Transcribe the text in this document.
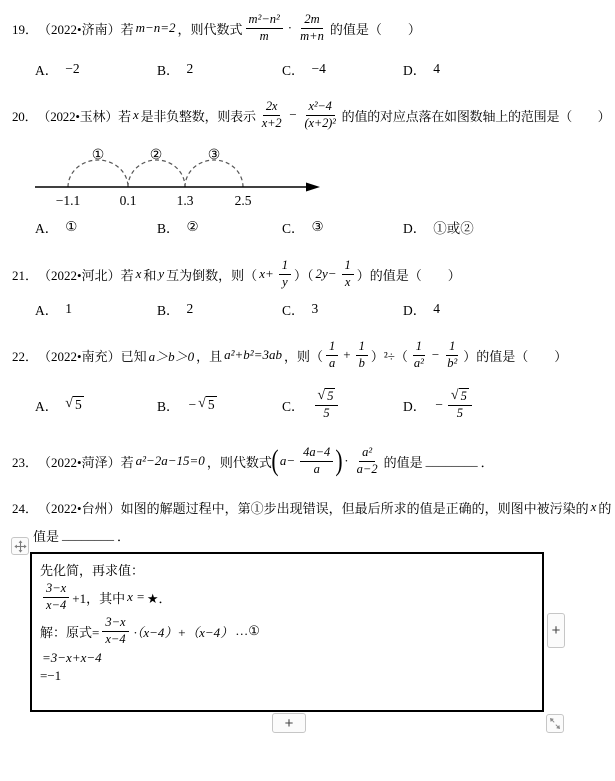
19． （2022•济南） 若 m−n=2 ，则代数式 $\frac{\text{m²−n²}}{m} \cdot \frac{2m}{m+n}$ 的值是（　　）
A． −2	B． 2	C． −4	D． 4
20． （2022•玉林） 若 x 是非负整数，则表示 $\frac{2x}{x+2} - \frac{\text{x²−4}}{\text{(x+2)²}}$ 的值的对应点落在如图数轴上的范围是（　　）
①	②	③
−1.1	0.1	1.3	2.5
A． ①	B． ②	C． ③	D． ①或②
21． （2022•河北） 若 x 和 y 互为倒数，则（ $x+ \frac{1}{y}$ ）（ $2y- \frac{1}{x}$ ）的值是（　　）
A． 1	B． 2	C． 3	D． 4
22． （2022•南充） 已知 a＞b＞0 ，且 a²+b²=3ab ，则（ $\frac{1}{a} + \frac{1}{b} )^2\div( \frac{1}{\text{a²}} - \frac{1}{\text{b²}}$ ）的值是（　　）
A． √ 5	B． − √ 5	C． $\frac{√ 5}{5}$	D． − $\frac{√ 5}{5}$
23． （2022•菏泽） 若 a²−2a−15=0 ，则代数式 ( $a- \frac{4a-4}{a}$ ) · $\frac{\text{a²}}{a-2}$ 的值是 ________ ．
24． （2022•台州） 如图的解题过程中，第①步出现错误，但最后所求的值是正确的，则图中被污染的 x 的
值是 ________ ．
先化简，再求值：
$\frac{3-x}{x-4} +1$，其中 x = ★．
解：原式= $\frac{3-x}{x-4} \cdot(x-4)+(x-4)$ …①
=3−x+x−4
=−1
+
+
